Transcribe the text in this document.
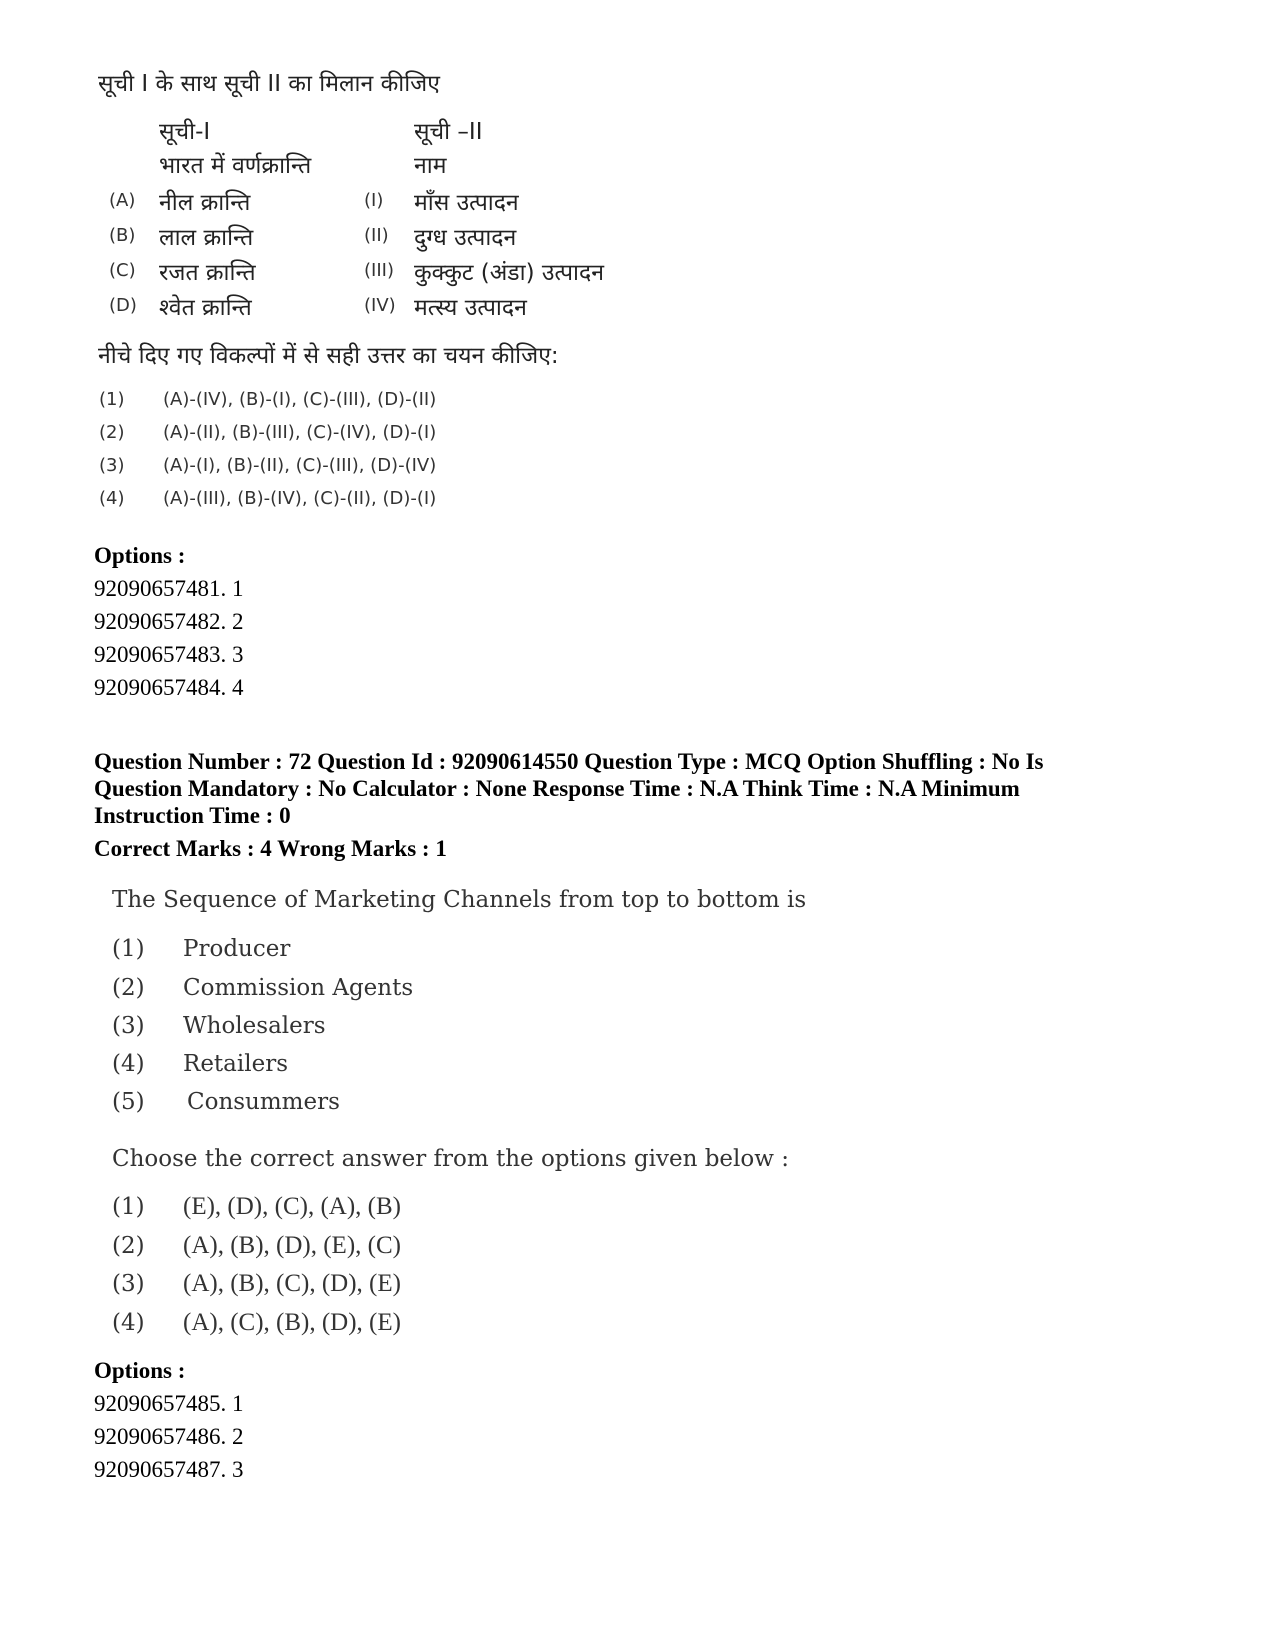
सूची I के साथ सूची II का मिलान कीजिए
सूची-I	सूची –II
भारत में वर्णक्रान्ति	नाम
(A) नील क्रान्ति	(I) माँस उत्पादन
(B) लाल क्रान्ति	(II) दुग्ध उत्पादन
(C) रजत क्रान्ति	(III) कुक्कुट (अंडा) उत्पादन
(D) श्वेत क्रान्ति	(IV) मत्स्य उत्पादन
नीचे दिए गए विकल्पों में से सही उत्तर का चयन कीजिए:
(1) (A)-(IV), (B)-(I), (C)-(III), (D)-(II)
(2) (A)-(II), (B)-(III), (C)-(IV), (D)-(I)
(3) (A)-(I), (B)-(II), (C)-(III), (D)-(IV)
(4) (A)-(III), (B)-(IV), (C)-(II), (D)-(I)
Options :
92090657481. 1
92090657482. 2
92090657483. 3
92090657484. 4
Question Number : 72 Question Id : 92090614550 Question Type : MCQ Option Shuffling : No Is
Question Mandatory : No Calculator : None Response Time : N.A Think Time : N.A Minimum
Instruction Time : 0
Correct Marks : 4 Wrong Marks : 1
The Sequence of Marketing Channels from top to bottom is
(1) Producer
(2) Commission Agents
(3) Wholesalers
(4) Retailers
(5) Consummers
Choose the correct answer from the options given below :
(1) (E), (D), (C), (A), (B)
(2) (A), (B), (D), (E), (C)
(3) (A), (B), (C), (D), (E)
(4) (A), (C), (B), (D), (E)
Options :
92090657485. 1
92090657486. 2
92090657487. 3
